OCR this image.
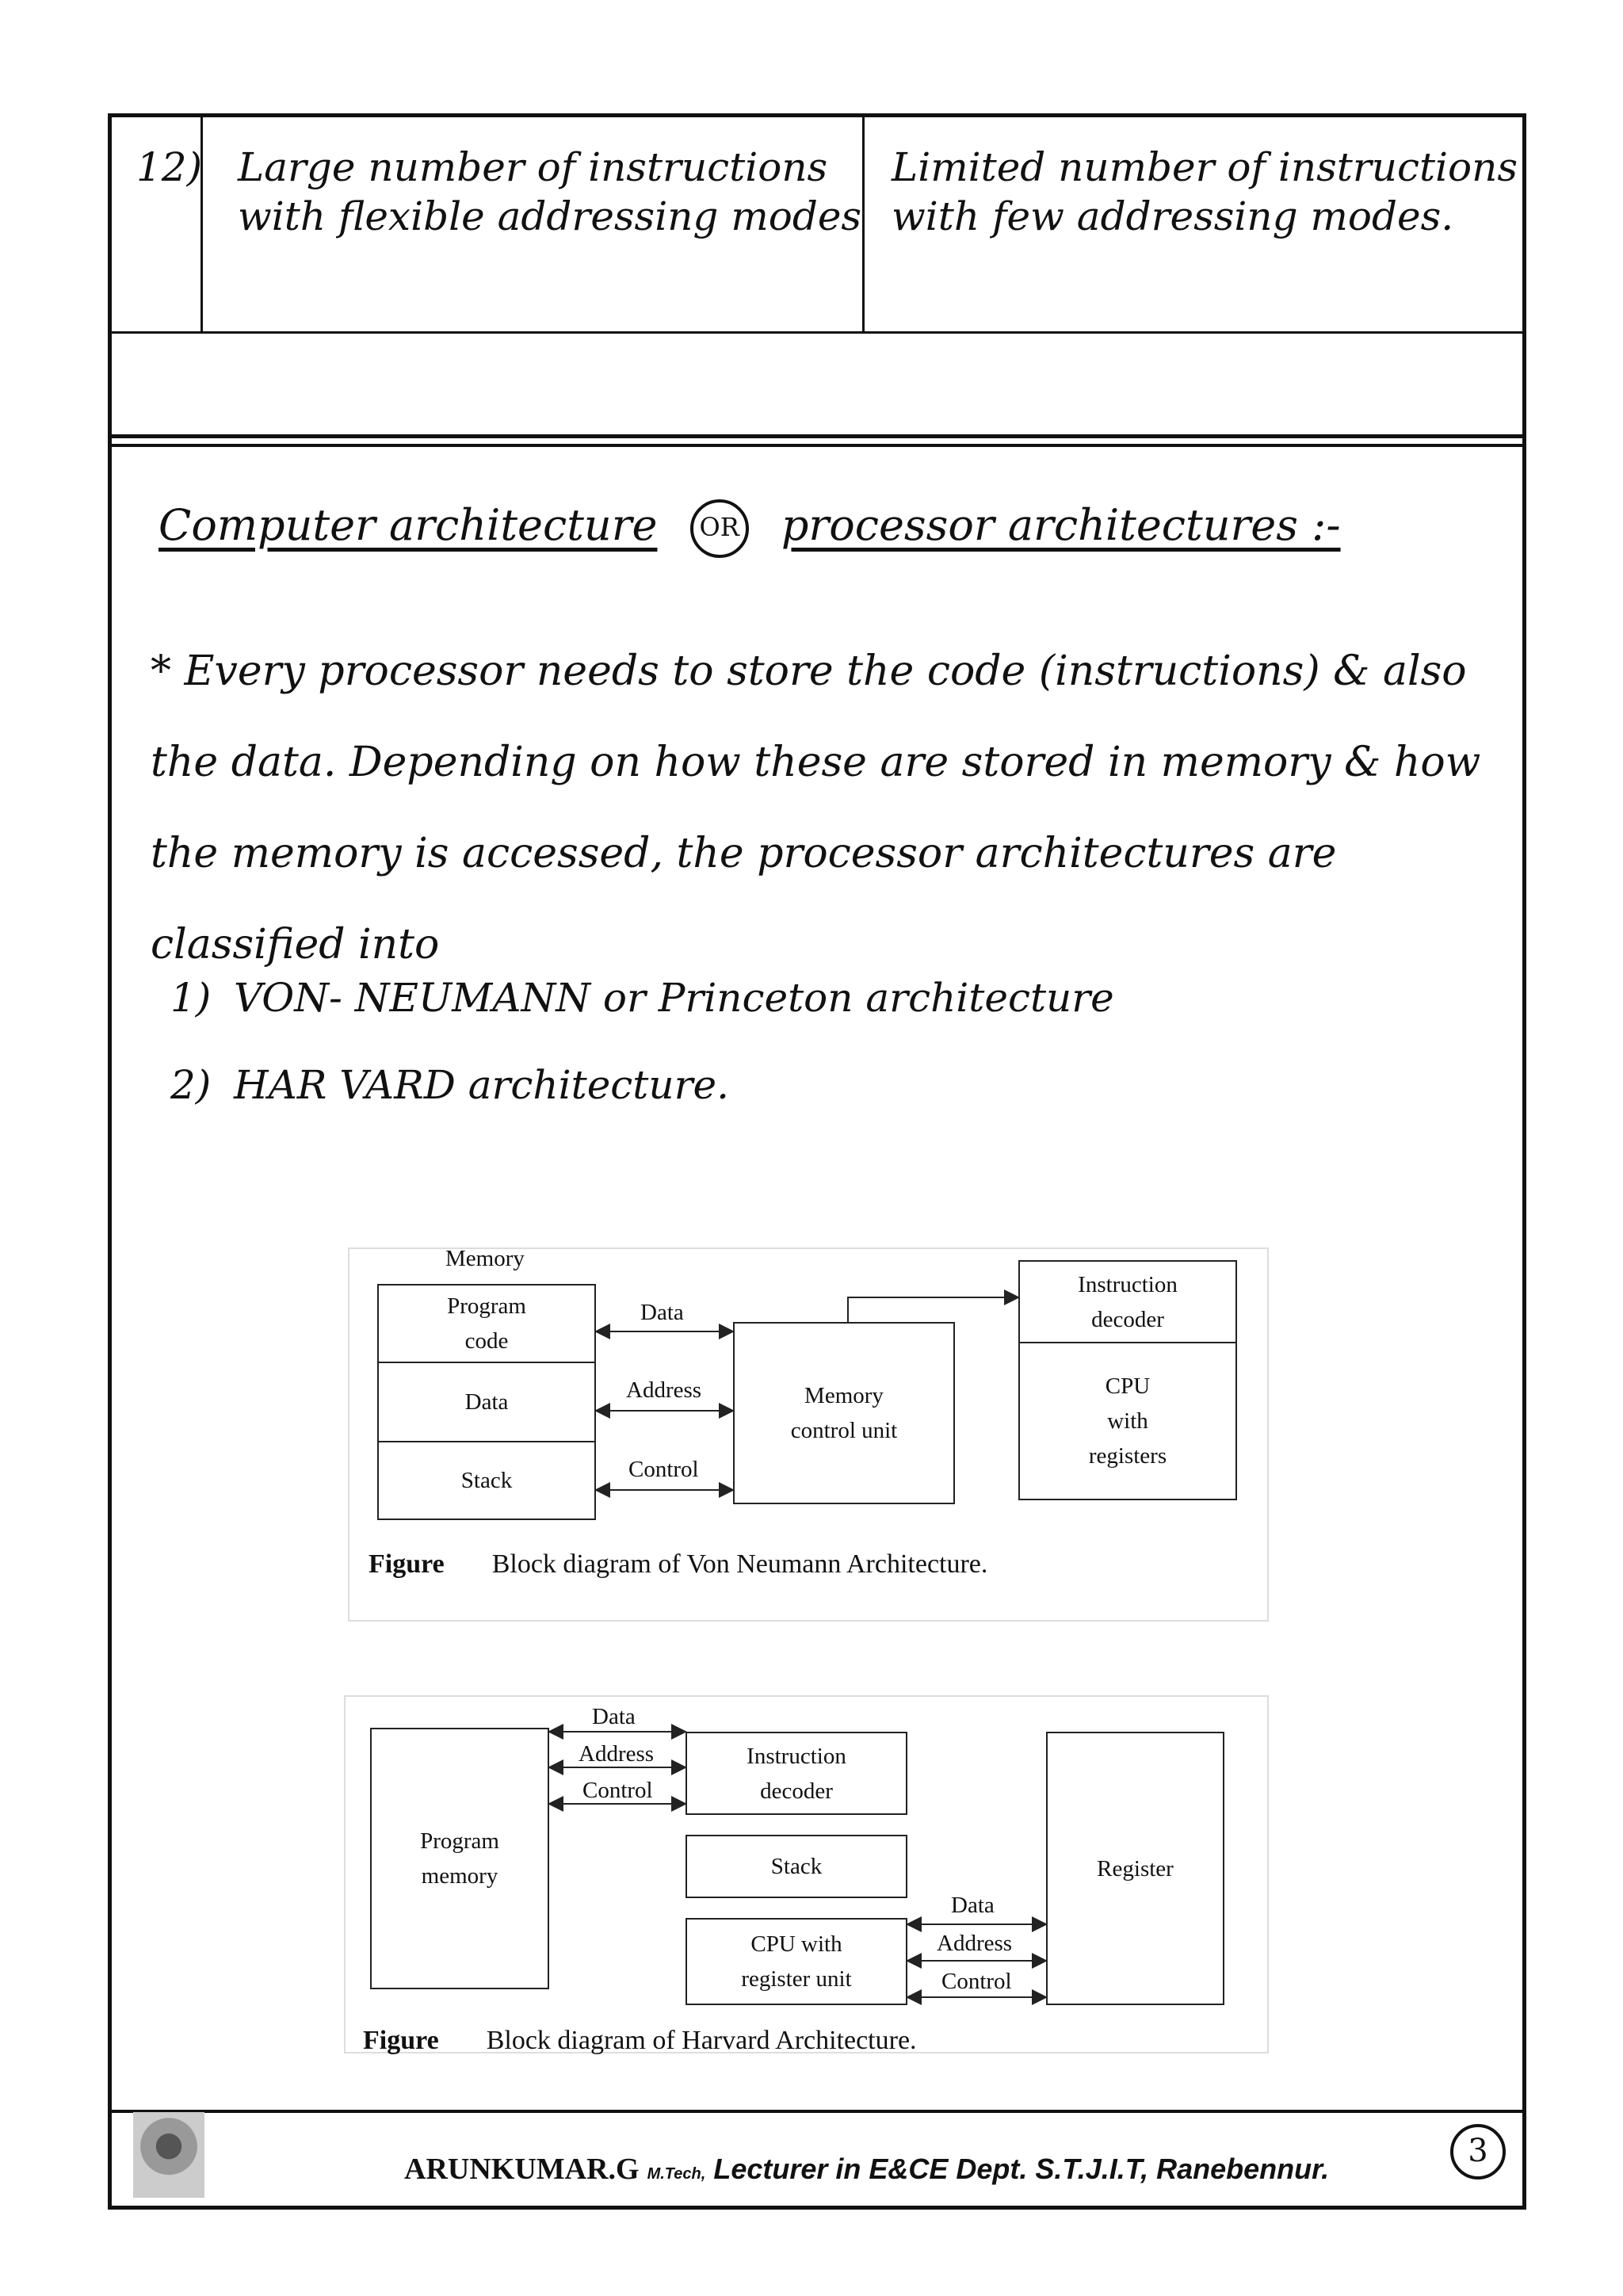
12) Large number of instructions
with flexible addressing modes
Limited number of instructions
with few addressing modes.
Computer architecture OR processor architectures :-
* Every processor needs to store the code (instructions) & also the data. Depending on how these are stored in memory & how the memory is accessed, the processor architectures are classified into
1) VON- NEUMANN or Princeton architecture
2) HAR VARD architecture.
Memory
Program
code
Data
Stack
Data
Address
Control
Memory
control unit
Instruction
decoder
CPU
with
registers
Figure Block diagram of Von Neumann Architecture.
Program
memory
Data
Address
Control
Instruction
decoder
Stack
CPU with
register unit
Data
Address
Control
Register
Figure Block diagram of Harvard Architecture.
ARUNKUMAR.G M.Tech, Lecturer in E&CE Dept. S.T.J.I.T, Ranebennur.	3
